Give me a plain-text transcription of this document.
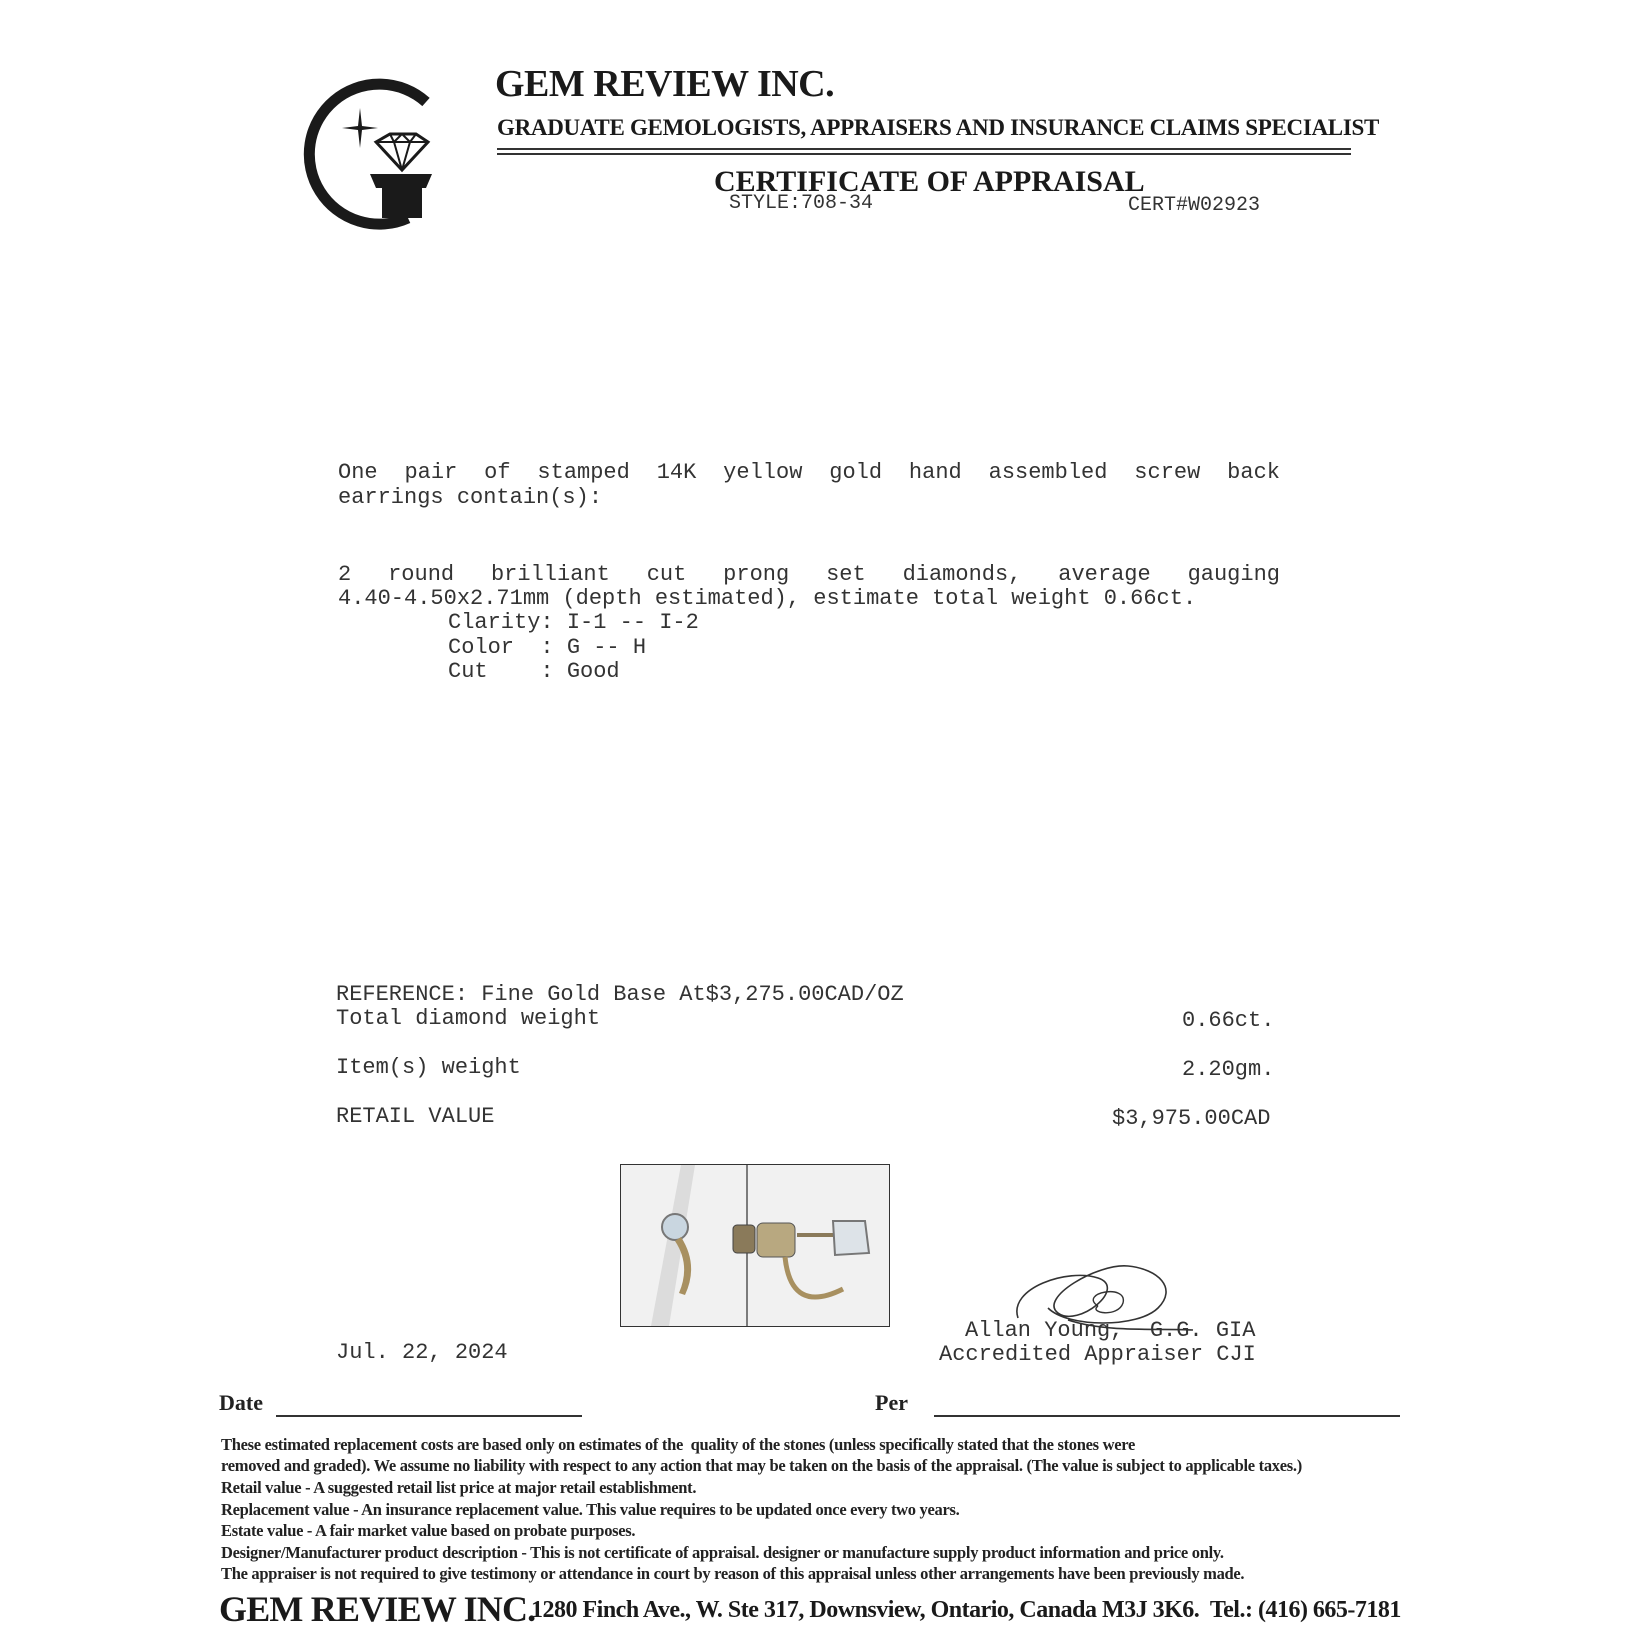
GEM REVIEW INC.
GRADUATE GEMOLOGISTS, APPRAISERS AND INSURANCE CLAIMS SPECIALIST
CERTIFICATE OF APPRAISAL
STYLE:708-34	CERT#W02923
One pair of stamped 14K yellow gold hand assembled screw back
earrings contain(s):
2 round brilliant cut prong set diamonds, average gauging
4.40-4.50x2.71mm (depth estimated), estimate total weight 0.66ct.
Clarity: I-1 -- I-2
Color  : G -- H
Cut    : Good
REFERENCE: Fine Gold Base At$3,275.00CAD/OZ
Total diamond weight	0.66ct.
Item(s) weight	2.20gm.
RETAIL VALUE	$3,975.00CAD
Allan Young,  G.G. GIA
Accredited Appraiser CJI
Jul. 22, 2024
Date	Per
These estimated replacement costs are based only on estimates of the  quality of the stones (unless specifically stated that the stones were
removed and graded). We assume no liability with respect to any action that may be taken on the basis of the appraisal. (The value is subject to applicable taxes.)
Retail value - A suggested retail list price at major retail establishment.
Replacement value - An insurance replacement value. This value requires to be updated once every two years.
Estate value - A fair market value based on probate purposes.
Designer/Manufacturer product description - This is not certificate of appraisal. designer or manufacture supply product information and price only.
The appraiser is not required to give testimony or attendance in court by reason of this appraisal unless other arrangements have been previously made.
GEM REVIEW INC.
1280 Finch Ave., W. Ste 317, Downsview, Ontario, Canada M3J 3K6.  Tel.: (416) 665-7181
